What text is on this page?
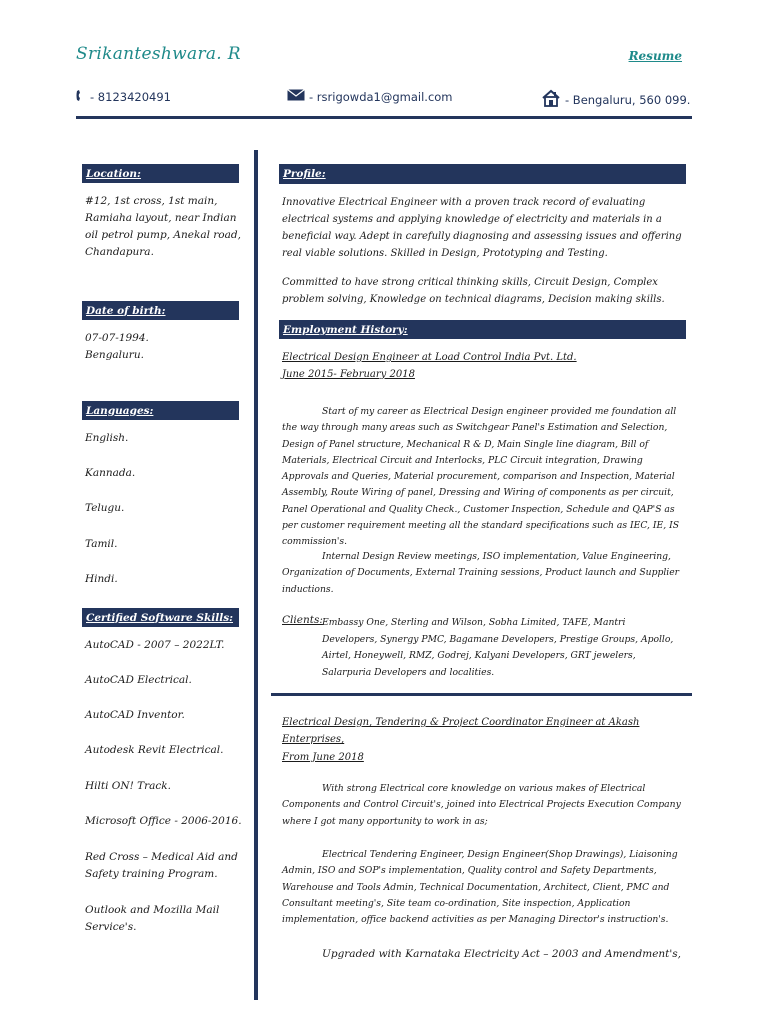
Srikanteshwara. R	Resume
- 8123420491	- rsrigowda1@gmail.com	- Bengaluru, 560 099.
Location:
#12, 1st cross, 1st main,
Ramiaha layout, near Indian
oil petrol pump, Anekal road,
Chandapura.
Date of birth:
07-07-1994.
Bengaluru.
Languages:
English.
Kannada.
Telugu.
Tamil.
Hindi.
Certified Software Skills:
AutoCAD - 2007 – 2022LT.
AutoCAD Electrical.
AutoCAD Inventor.
Autodesk Revit Electrical.
Hilti ON! Track.
Microsoft Office - 2006-2016.
Red Cross – Medical Aid and Safety training Program.
Outlook and Mozilla Mail Service's.
Profile:
Innovative Electrical Engineer with a proven track record of evaluating electrical systems and applying knowledge of electricity and materials in a beneficial way. Adept in carefully diagnosing and assessing issues and offering real viable solutions. Skilled in Design, Prototyping and Testing.
Committed to have strong critical thinking skills, Circuit Design, Complex problem solving, Knowledge on technical diagrams, Decision making skills.
Employment History:
Electrical Design Engineer at Load Control India Pvt. Ltd.
June 2015- February 2018
Start of my career as Electrical Design engineer provided me foundation all the way through many areas such as Switchgear Panel's Estimation and Selection, Design of Panel structure, Mechanical R & D, Main Single line diagram, Bill of Materials, Electrical Circuit and Interlocks, PLC Circuit integration, Drawing Approvals and Queries, Material procurement, comparison and Inspection, Material Assembly, Route Wiring of panel, Dressing and Wiring of components as per circuit, Panel Operational and Quality Check., Customer Inspection, Schedule and QAP'S as per customer requirement meeting all the standard specifications such as IEC, IE, IS commission's.
Internal Design Review meetings, ISO implementation, Value Engineering, Organization of Documents, External Training sessions, Product launch and Supplier inductions.
Clients: Embassy One, Sterling and Wilson, Sobha Limited, TAFE, Mantri Developers, Synergy PMC, Bagamane Developers, Prestige Groups, Apollo, Airtel, Honeywell, RMZ, Godrej, Kalyani Developers, GRT jewelers, Salarpuria Developers and localities.
Electrical Design, Tendering & Project Coordinator Engineer at Akash Enterprises,
From June 2018
With strong Electrical core knowledge on various makes of Electrical Components and Control Circuit's, joined into Electrical Projects Execution Company where I got many opportunity to work in as;
Electrical Tendering Engineer, Design Engineer(Shop Drawings), Liaisoning Admin, ISO and SOP's implementation, Quality control and Safety Departments, Warehouse and Tools Admin, Technical Documentation, Architect, Client, PMC and Consultant meeting's, Site team co-ordination, Site inspection, Application implementation, office backend activities as per Managing Director's instruction's.
Upgraded with Karnataka Electricity Act – 2003 and Amendment's,
